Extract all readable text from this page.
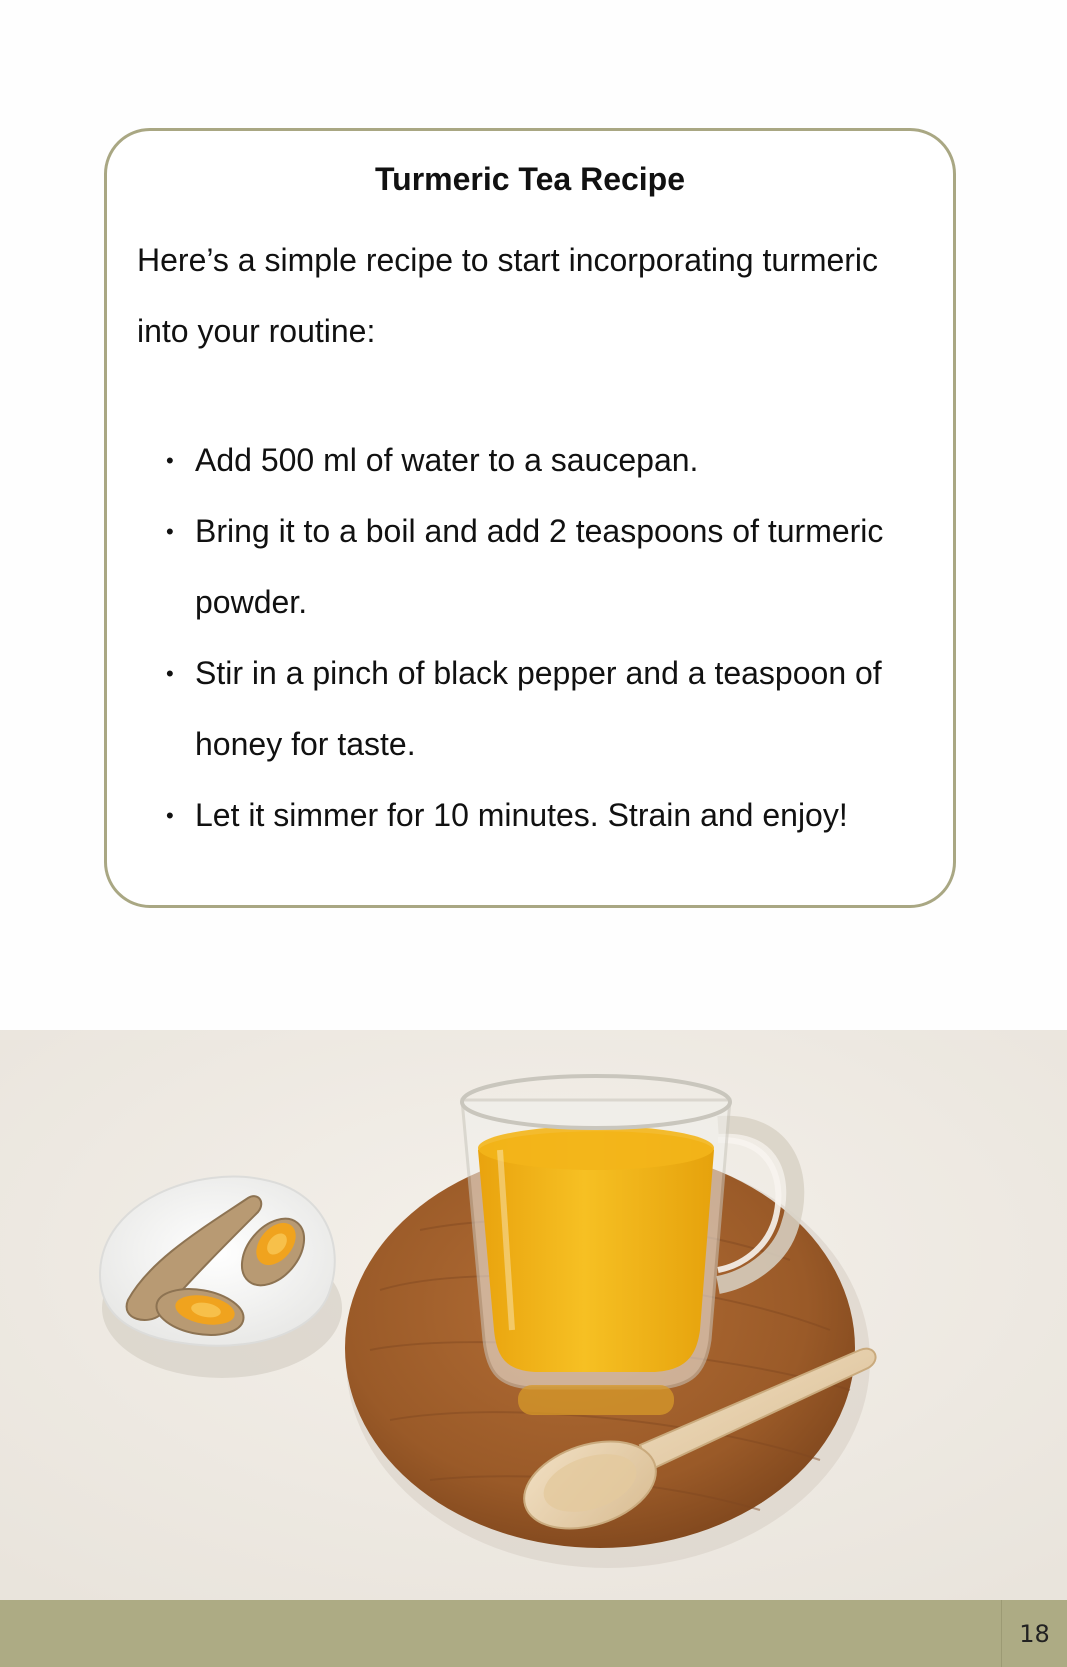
Turmeric Tea Recipe

Here’s a simple recipe to start incorporating turmeric
into your routine:

• Add 500 ml of water to a saucepan.
• Bring it to a boil and add 2 teaspoons of turmeric
powder.
• Stir in a pinch of black pepper and a teaspoon of
honey for taste.
• Let it simmer for 10 minutes. Strain and enjoy!
18
